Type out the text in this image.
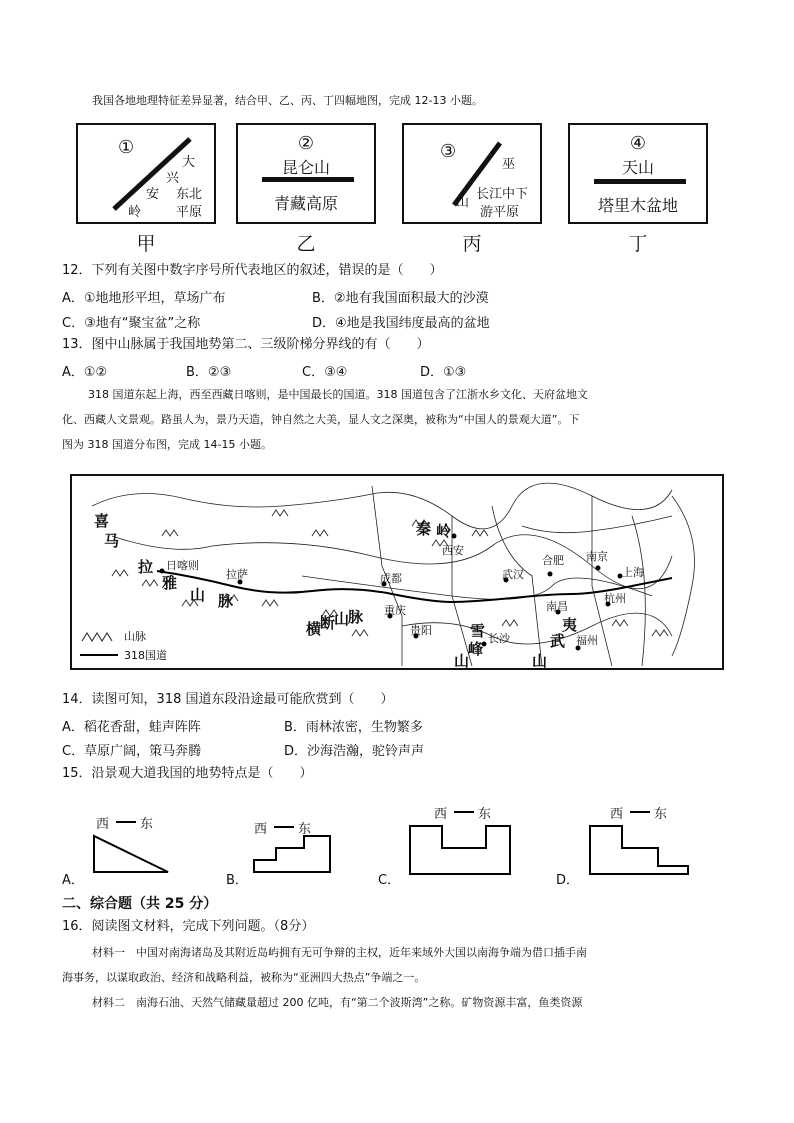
我国各地地理特征差异显著，结合甲、乙、丙、丁四幅地图，完成 12-13 小题。
①
大
兴
安
岭
东北
平原
甲
②
昆仑山
青藏高原
乙
③
巫
山
长江中下
游平原
丙
④
天山
塔里木盆地
丁
12．下列有关图中数字序号所代表地区的叙述，错误的是（　　）
A．①地地形平坦，草场广布	B．②地有我国面积最大的沙漠
C．③地有“聚宝盆”之称	D．④地是我国纬度最高的盆地
13．图中山脉属于我国地势第二、三级阶梯分界线的有（　　）
A．①②	B．②③	C．③④	D．①③
318 国道东起上海，西至西藏日喀则，是中国最长的国道。318 国道包含了江浙水乡文化、天府盆地文
化、西藏人文景观。路虽人为，景乃天造，钟自然之大美，显人文之深奥，被称为“中国人的景观大道”。下
图为 318 国道分布图，完成 14-15 小题。
日喀则
拉萨	成都
西安
重庆
贵阳
武汉
长沙
合肥 南京
上海
南昌
杭州
福州
喜
马
拉
雅
山 脉
秦 岭
横
断
山
脉
雪
峰
山
武
夷
山
山脉
318国道
14．读图可知，318 国道东段沿途最可能欣赏到（　　）
A．稻花香甜，蛙声阵阵	B．雨林浓密，生物繁多
C．草原广阔，策马奔腾	D．沙海浩瀚，驼铃声声
15．沿景观大道我国的地势特点是（　　）
西 东
A．
西 东
B．
西 东
C．
西 东
D．
二、综合题（共 25 分）
16．阅读图文材料，完成下列问题。（8分）
材料一　中国对南海诸岛及其附近岛屿拥有无可争辩的主权，近年来域外大国以南海争端为借口插手南
海事务，以谋取政治、经济和战略利益，被称为“亚洲四大热点”争端之一。
材料二　南海石油、天然气储藏量超过 200 亿吨，有“第二个波斯湾”之称。矿物资源丰富，鱼类资源
